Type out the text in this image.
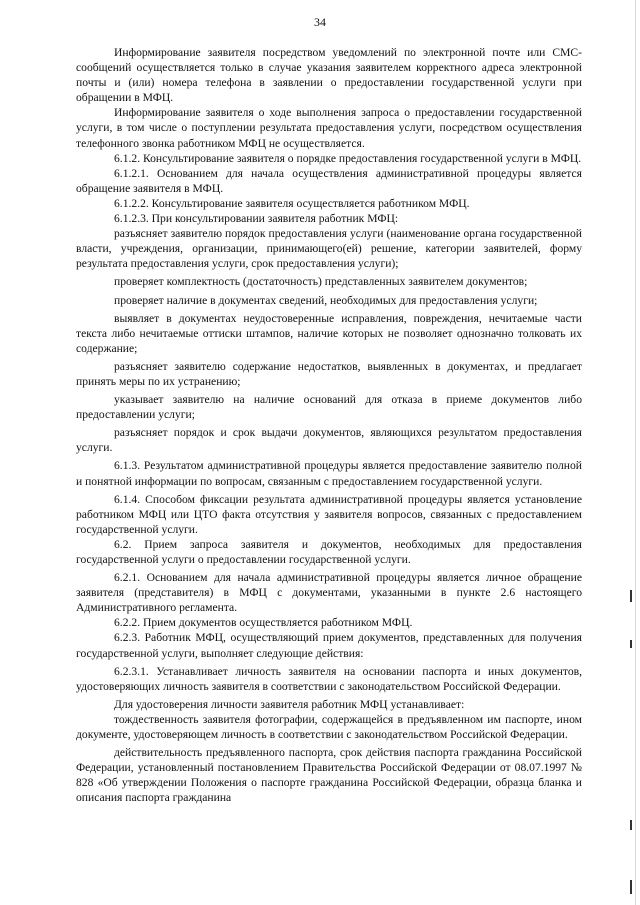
34

Информирование заявителя посредством уведомлений по электронной почте или СМС-сообщений осуществляется только в случае указания заявителем корректного адреса электронной почты и (или) номера телефона в заявлении о предоставлении государственной услуги при обращении в МФЦ.

Информирование заявителя о ходе выполнения запроса о предоставлении государственной услуги, в том числе о поступлении результата предоставления услуги, посредством осуществления телефонного звонка работником МФЦ не осуществляется.

6.1.2. Консультирование заявителя о порядке предоставления государственной услуги в МФЦ.

6.1.2.1. Основанием для начала осуществления административной процедуры является обращение заявителя в МФЦ.

6.1.2.2. Консультирование заявителя осуществляется работником МФЦ.

6.1.2.3. При консультировании заявителя работник МФЦ:

разъясняет заявителю порядок предоставления услуги (наименование органа государственной власти, учреждения, организации, принимающего(ей) решение, категории заявителей, форму результата предоставления услуги, срок предоставления услуги);

проверяет комплектность (достаточность) представленных заявителем документов;

проверяет наличие в документах сведений, необходимых для предоставления услуги;

выявляет в документах неудостоверенные исправления, повреждения, нечитаемые части текста либо нечитаемые оттиски штампов, наличие которых не позволяет однозначно толковать их содержание;

разъясняет заявителю содержание недостатков, выявленных в документах, и предлагает принять меры по их устранению;

указывает заявителю на наличие оснований для отказа в приеме документов либо предоставлении услуги;

разъясняет порядок и срок выдачи документов, являющихся результатом предоставления услуги.

6.1.3. Результатом административной процедуры является предоставление заявителю полной и понятной информации по вопросам, связанным с предоставлением государственной услуги.

6.1.4. Способом фиксации результата административной процедуры является установление работником МФЦ или ЦТО факта отсутствия у заявителя вопросов, связанных с предоставлением государственной услуги.

6.2. Прием запроса заявителя и документов, необходимых для предоставления государственной услуги о предоставлении государственной услуги.

6.2.1. Основанием для начала административной процедуры является личное обращение заявителя (представителя) в МФЦ с документами, указанными в пункте 2.6 настоящего Административного регламента.

6.2.2. Прием документов осуществляется работником МФЦ.

6.2.3. Работник МФЦ, осуществляющий прием документов, представленных для получения государственной услуги, выполняет следующие действия:

6.2.3.1. Устанавливает личность заявителя на основании паспорта и иных документов, удостоверяющих личность заявителя в соответствии с законодательством Российской Федерации.

Для удостоверения личности заявителя работник МФЦ устанавливает:

тождественность заявителя фотографии, содержащейся в предъявленном им паспорте, ином документе, удостоверяющем личность в соответствии с законодательством Российской Федерации.

действительность предъявленного паспорта, срок действия паспорта гражданина Российской Федерации, установленный постановлением Правительства Российской Федерации от 08.07.1997 № 828 «Об утверждении Положения о паспорте гражданина Российской Федерации, образца бланка и описания паспорта гражданина
